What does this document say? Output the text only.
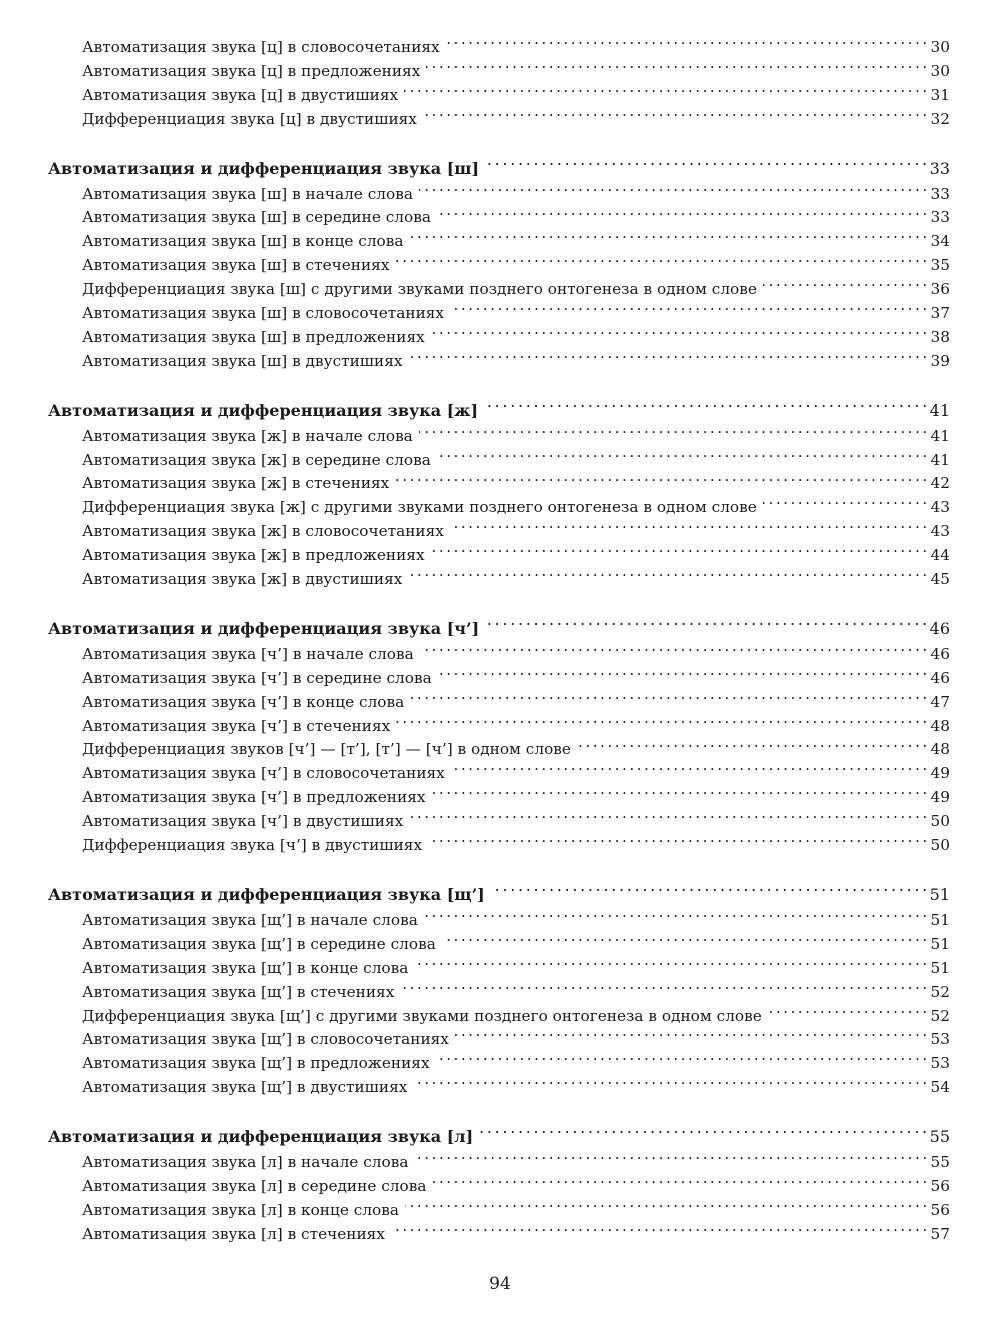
Автоматизация звука [ц] в словосочетаниях . . .	30
Автоматизация звука [ц] в предложениях . . .	30
Автоматизация звука [ц] в двустишиях . . .	31
Дифференциация звука [ц] в двустишиях . . .	32
Автоматизация и дифференциация звука [ш] . . .	33
Автоматизация звука [ш] в начале слова . . .	33
Автоматизация звука [ш] в середине слова . . .	33
Автоматизация звука [ш] в конце слова . . .	34
Автоматизация звука [ш] в стечениях . . .	35
Дифференциация звука [ш] с другими звуками позднего онтогенеза в одном слове . . .	36
Автоматизация звука [ш] в словосочетаниях . . .	37
Автоматизация звука [ш] в предложениях . . .	38
Автоматизация звука [ш] в двустишиях . . .	39
Автоматизация и дифференциация звука [ж] . . .	41
Автоматизация звука [ж] в начале слова . . .	41
Автоматизация звука [ж] в середине слова . . .	41
Автоматизация звука [ж] в стечениях . . .	42
Дифференциация звука [ж] с другими звуками позднего онтогенеза в одном слове . . .	43
Автоматизация звука [ж] в словосочетаниях . . .	43
Автоматизация звука [ж] в предложениях . . .	44
Автоматизация звука [ж] в двустишиях . . .	45
Автоматизация и дифференциация звука [ч’] . . .	46
Автоматизация звука [ч’] в начале слова . . .	46
Автоматизация звука [ч’] в середине слова . . .	46
Автоматизация звука [ч’] в конце слова . . .	47
Автоматизация звука [ч’] в стечениях . . .	48
Дифференциация звуков [ч’] — [т’], [т’] — [ч’] в одном слове . . .	48
Автоматизация звука [ч’] в словосочетаниях . . .	49
Автоматизация звука [ч’] в предложениях . . .	49
Автоматизация звука [ч’] в двустишиях . . .	50
Дифференциация звука [ч’] в двустишиях . . .	50
Автоматизация и дифференциация звука [щ’] . . .	51
Автоматизация звука [щ’] в начале слова . . .	51
Автоматизация звука [щ’] в середине слова . . .	51
Автоматизация звука [щ’] в конце слова . . .	51
Автоматизация звука [щ’] в стечениях . . .	52
Дифференциация звука [щ’] с другими звуками позднего онтогенеза в одном слове . . .	52
Автоматизация звука [щ’] в словосочетаниях . . .	53
Автоматизация звука [щ’] в предложениях . . .	53
Автоматизация звука [щ’] в двустишиях . . .	54
Автоматизация и дифференциация звука [л] . . .	55
Автоматизация звука [л] в начале слова . . .	55
Автоматизация звука [л] в середине слова . . .	56
Автоматизация звука [л] в конце слова . . .	56
Автоматизация звука [л] в стечениях . . .	57
94
